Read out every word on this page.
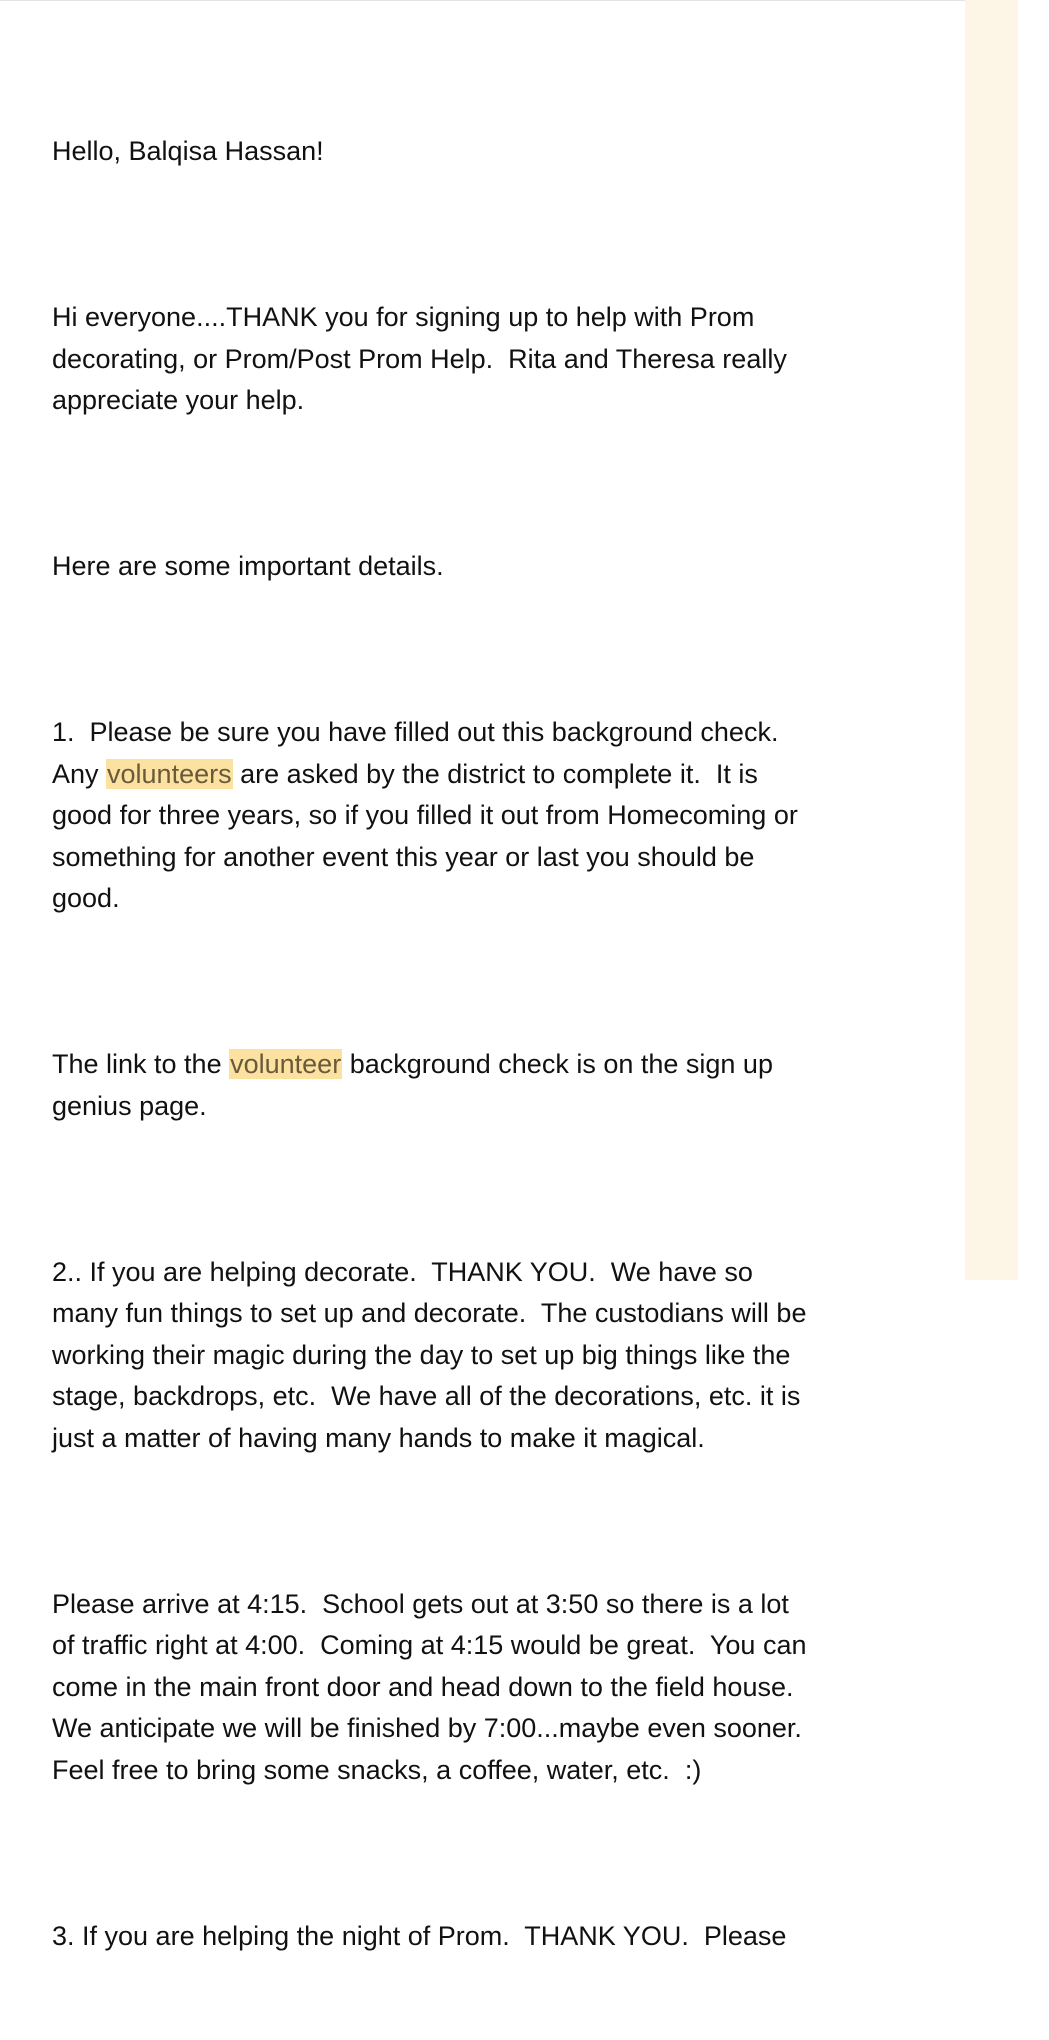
Hello, Balqisa Hassan!

Hi everyone....THANK you for signing up to help with Prom
decorating, or Prom/Post Prom Help.  Rita and Theresa really
appreciate your help.

Here are some important details.

1.  Please be sure you have filled out this background check.
Any volunteers are asked by the district to complete it.  It is
good for three years, so if you filled it out from Homecoming or
something for another event this year or last you should be
good.

The link to the volunteer background check is on the sign up
genius page.

2.. If you are helping decorate.  THANK YOU.  We have so
many fun things to set up and decorate.  The custodians will be
working their magic during the day to set up big things like the
stage, backdrops, etc.  We have all of the decorations, etc. it is
just a matter of having many hands to make it magical.

Please arrive at 4:15.  School gets out at 3:50 so there is a lot
of traffic right at 4:00.  Coming at 4:15 would be great.  You can
come in the main front door and head down to the field house.
We anticipate we will be finished by 7:00...maybe even sooner.
Feel free to bring some snacks, a coffee, water, etc.  :)

3. If you are helping the night of Prom.  THANK YOU.  Please
